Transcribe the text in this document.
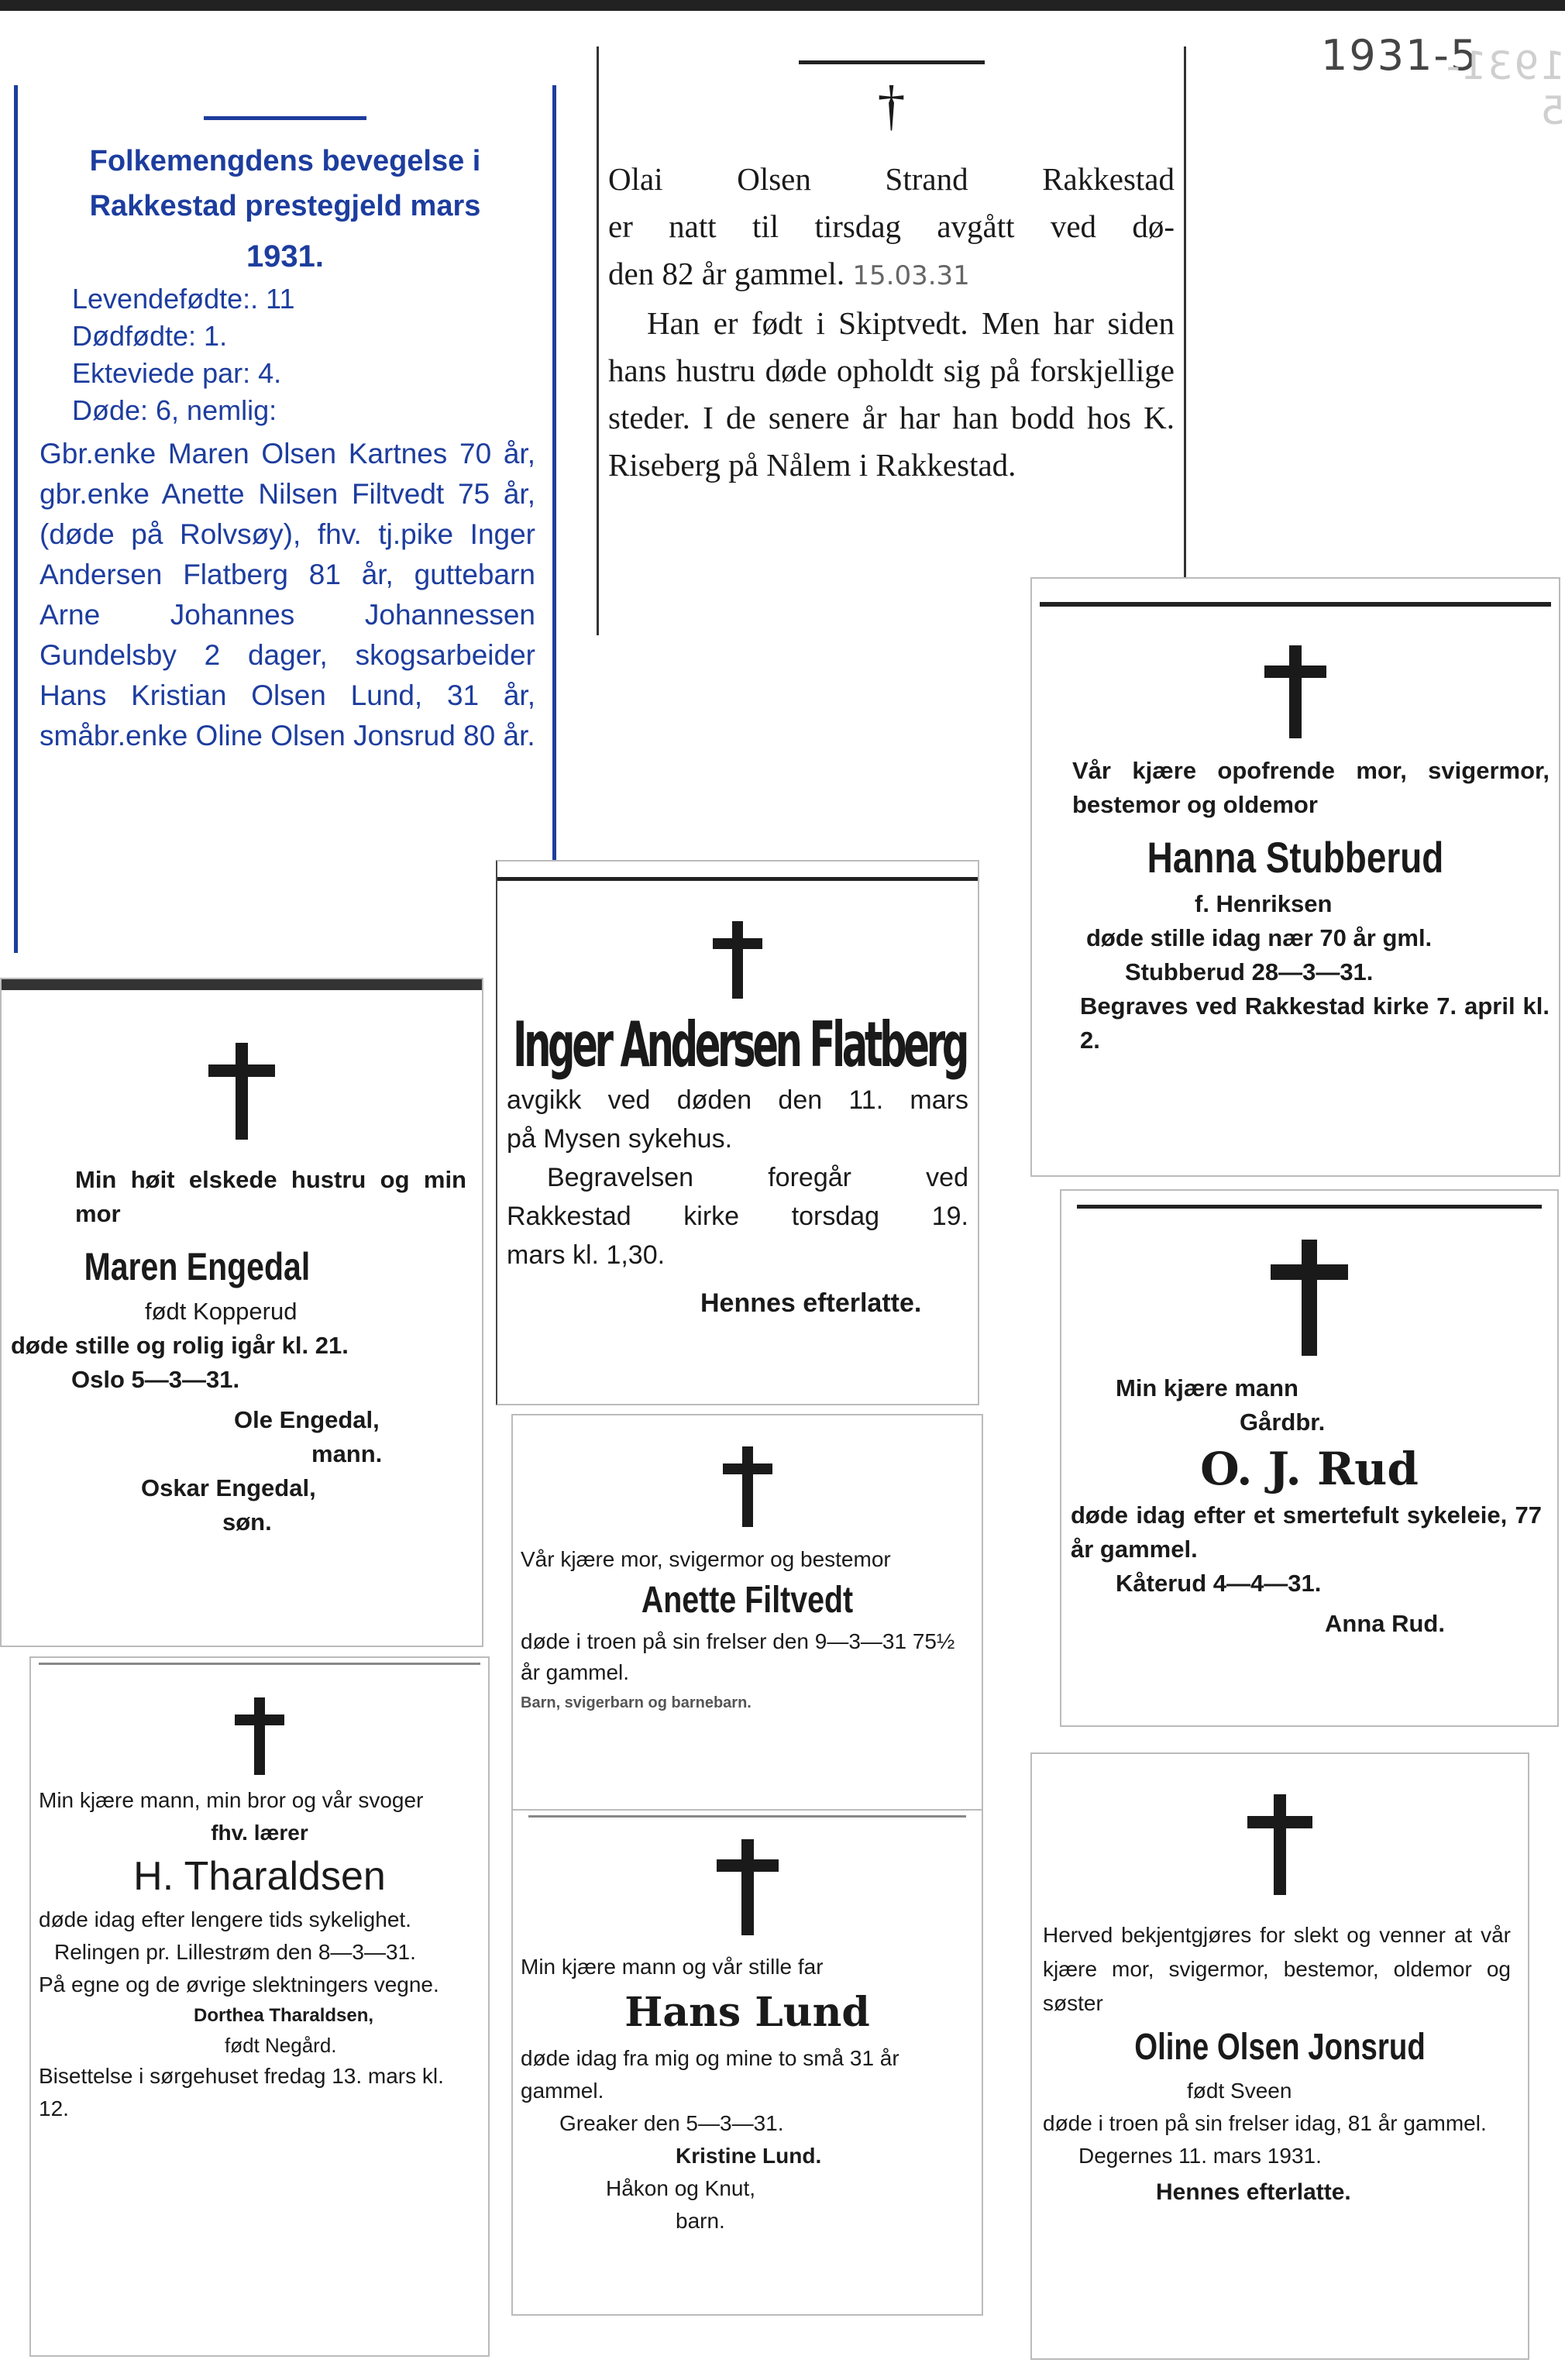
1931-5
1931-5
Folkemengdens bevegelse i Rakkestad prestegjeld mars
1931.
Levendefødte:. 11
Dødfødte: 1.
Ekteviede par: 4.
Døde: 6, nemlig:
Gbr.enke Maren Olsen Kartnes 70 år, gbr.enke Anette Nilsen Filtvedt 75 år, (døde på Rolvsøy), fhv. tj.pike Inger Andersen Flatberg 81 år, guttebarn Arne Johannes Johannessen Gundelsby 2 dager, skogsarbeider Hans Kristian Olsen Lund, 31 år, småbr.enke Oline Olsen Jonsrud 80 år.
†

Olai Olsen Strand Rakkestad

er natt til tirsdag avgått ved dø-

den 82 år gammel. 15.03.31

Han er født i Skiptvedt. Men har siden hans hustru døde opholdt sig på forskjellige steder. I de senere år har han bodd hos K. Riseberg på Nålem i Rakkestad.

Vår kjære opofrende mor, svigermor, bestemor og oldemor
Hanna Stubberud
f. Henriksen
døde stille idag nær 70 år gml.
Stubberud 28—3—31.
Begraves ved Rakkestad kirke 7. april kl. 2.
Inger Andersen Flatberg

avgikk ved døden den 11. mars

på Mysen sykehus.

Begravelsen foregår ved

Rakkestad kirke torsdag 19.

mars kl. 1,30.

Hennes efterlatte.

Min høit elskede hustru og min mor
Maren Engedal
født Kopperud
døde stille og rolig igår kl. 21.
Oslo 5—3—31.
Ole Engedal,
mann.
Oskar Engedal,
søn.
Min kjære mann
Gårdbr.
O. J. Rud
døde idag efter et smertefult sykeleie, 77 år gammel.
Kåterud 4—4—31.
Anna Rud.
Vår kjære mor, svigermor og bestemor
Anette Filtvedt
døde i troen på sin frelser den 9—3—31 75½ år gammel.
Barn, svigerbarn og barnebarn.
Min kjære mann og vår stille far
Hans Lund
døde idag fra mig og mine to små 31 år gammel.
Greaker den 5—3—31.
Kristine Lund.
Håkon og Knut,
barn.
Min kjære mann, min bror og vår svoger
fhv. lærer
H. Tharaldsen
døde idag efter lengere tids sykelighet.
Relingen pr. Lillestrøm den 8—3—31.
På egne og de øvrige slektningers vegne.
Dorthea Tharaldsen,
født Negård.
Bisettelse i sørgehuset fredag 13. mars kl. 12.
Herved bekjentgjøres for slekt og venner at vår kjære mor, svigermor, bestemor, oldemor og søster
Oline Olsen Jonsrud
født Sveen
døde i troen på sin frelser idag, 81 år gammel.
Degernes 11. mars 1931.
Hennes efterlatte.
